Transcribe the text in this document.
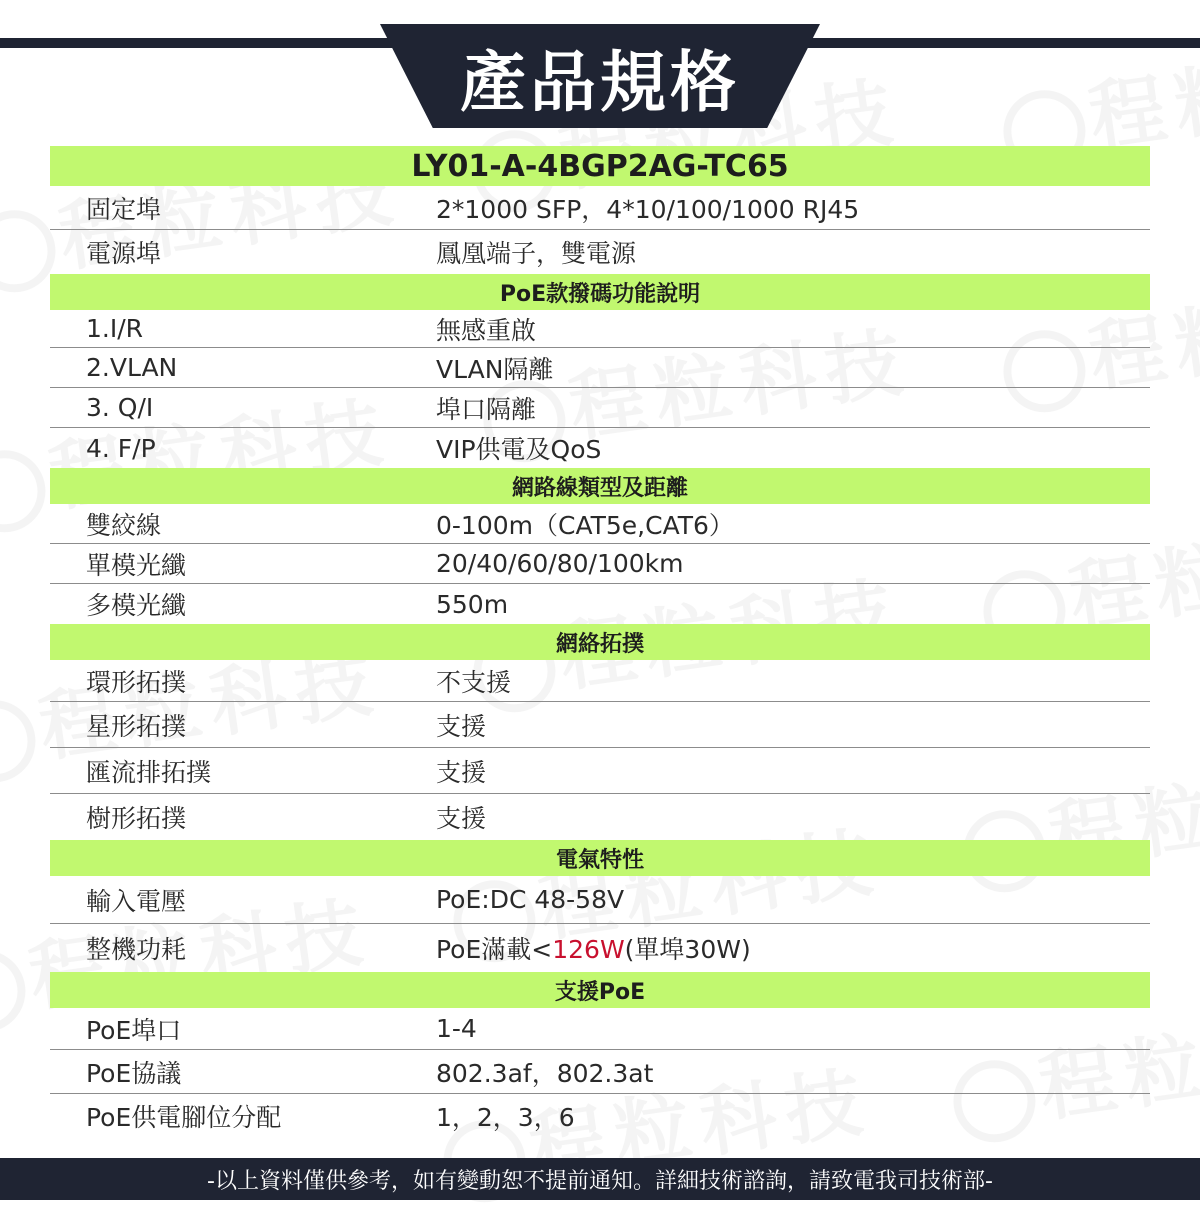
產品規格
LY01-A-4BGP2AG-TC65
固定埠	2*1000 SFP，4*10/100/1000 RJ45
電源埠	鳳凰端子，雙電源
PoE款撥碼功能說明
1.I/R	無感重啟
2.VLAN	VLAN隔離
3. Q/I	埠口隔離
4. F/P	VIP供電及QoS
網路線類型及距離
雙絞線	0-100m（CAT5e,CAT6）
單模光纖	20/40/60/80/100km
多模光纖	550m
網絡拓撲
環形拓撲	不支援
星形拓撲	支援
匯流排拓撲	支援
樹形拓撲	支援
電氣特性
輸入電壓	PoE:DC 48-58V
整機功耗	PoE滿載<126W(單埠30W)
支援PoE
PoE埠口	1-4
PoE協議	802.3af，802.3at
PoE供電腳位分配	1，2，3，6
-以上資料僅供參考，如有變動恕不提前通知。詳細技術諮詢，請致電我司技術部-
